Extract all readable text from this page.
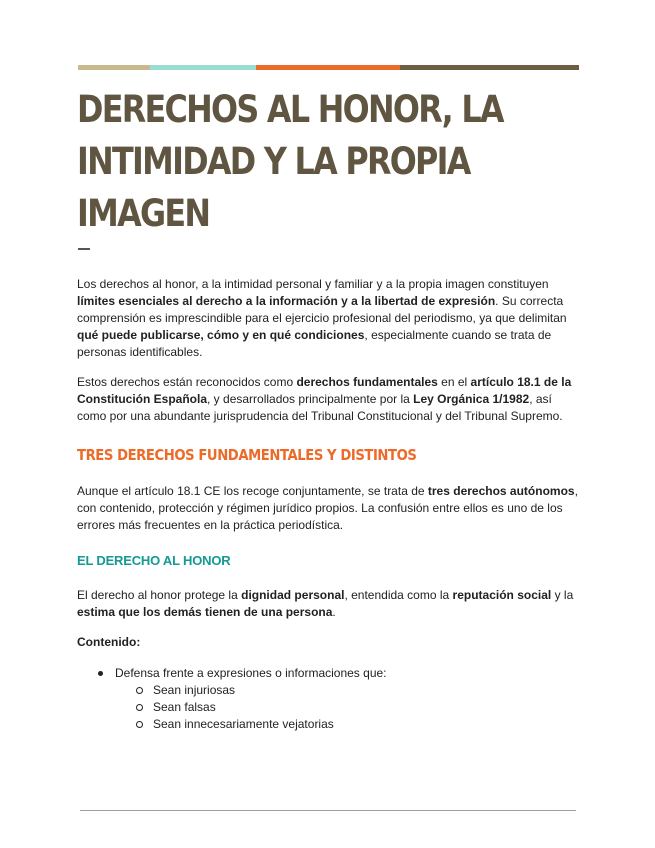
DERECHOS AL HONOR, LA INTIMIDAD Y LA PROPIA IMAGEN

Los derechos al honor, a la intimidad personal y familiar y a la propia imagen constituyen límites esenciales al derecho a la información y a la libertad de expresión. Su correcta comprensión es imprescindible para el ejercicio profesional del periodismo, ya que delimitan qué puede publicarse, cómo y en qué condiciones, especialmente cuando se trata de personas identificables.

Estos derechos están reconocidos como derechos fundamentales en el artículo 18.1 de la Constitución Española, y desarrollados principalmente por la Ley Orgánica 1/1982, así como por una abundante jurisprudencia del Tribunal Constitucional y del Tribunal Supremo.

TRES DERECHOS FUNDAMENTALES Y DISTINTOS

Aunque el artículo 18.1 CE los recoge conjuntamente, se trata de tres derechos autónomos, con contenido, protección y régimen jurídico propios. La confusión entre ellos es uno de los errores más frecuentes en la práctica periodística.

EL DERECHO AL HONOR

El derecho al honor protege la dignidad personal, entendida como la reputación social y la estima que los demás tienen de una persona.

Contenido:

Defensa frente a expresiones o informaciones que:
Sean injuriosas
Sean falsas
Sean innecesariamente vejatorias
